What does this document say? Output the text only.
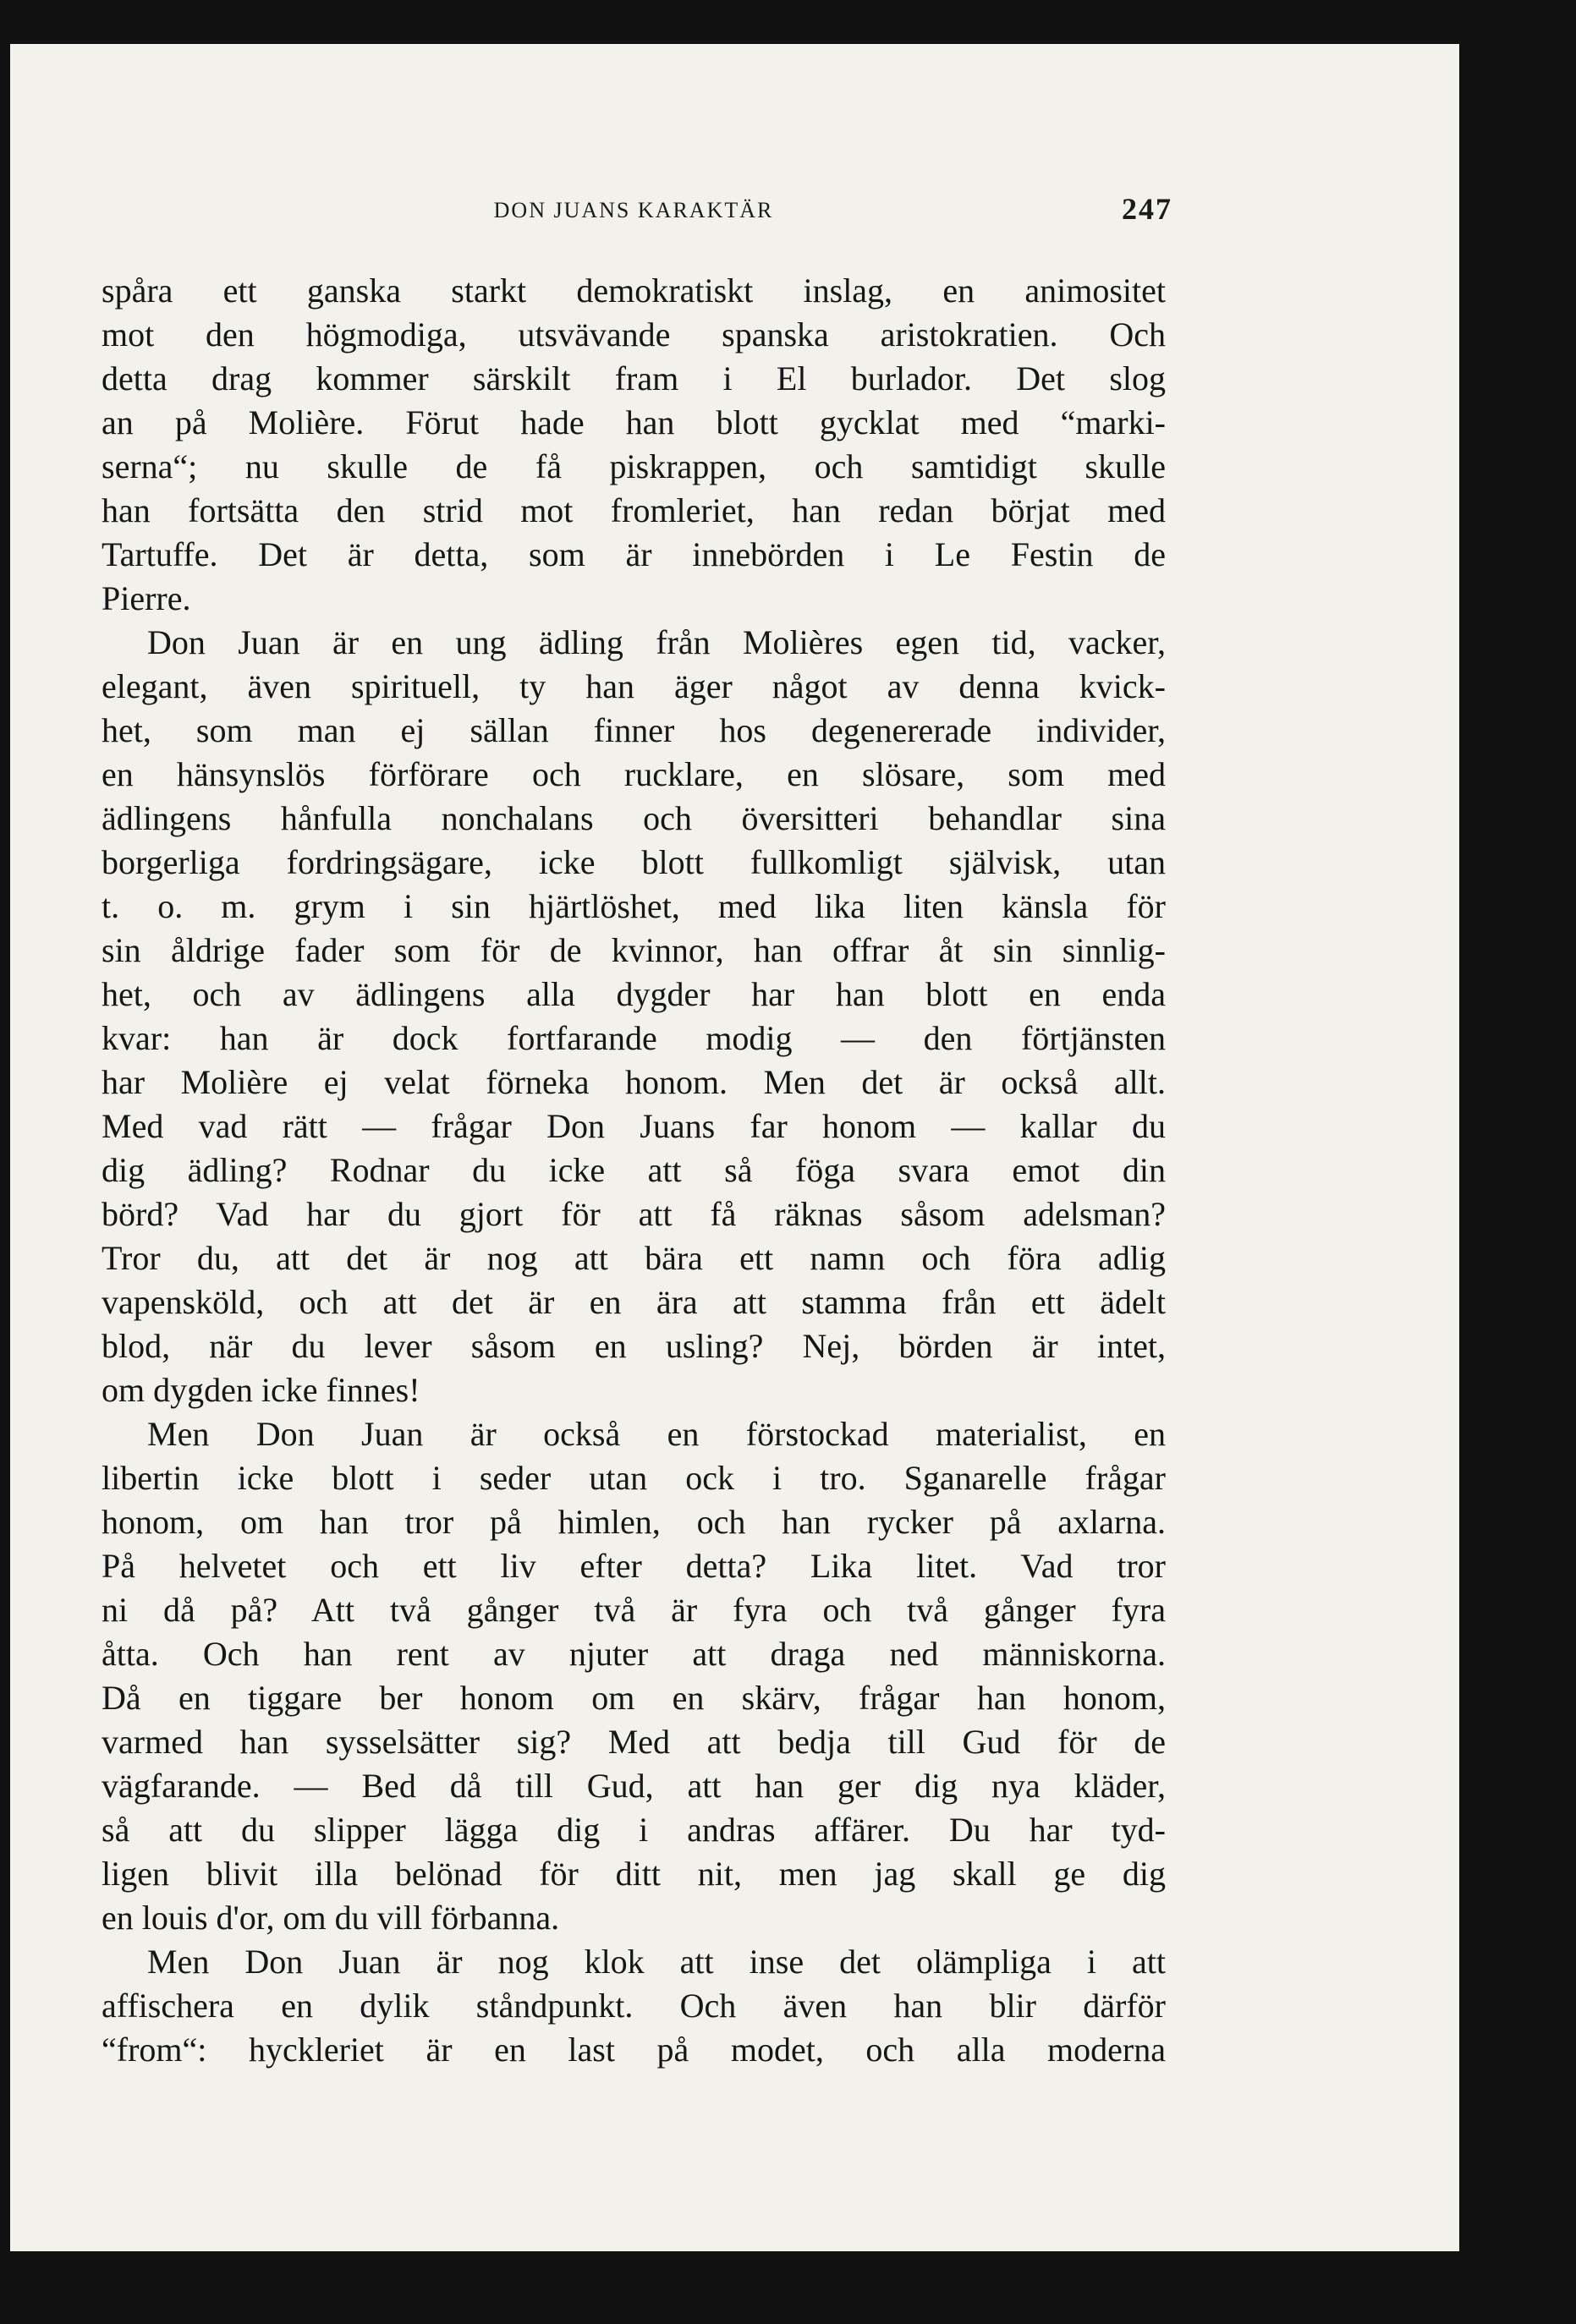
DON JUANS KARAKTÄR	247

spåra ett ganska starkt demokratiskt inslag, en animositet
mot den högmodiga, utsvävande spanska aristokratien. Och
detta drag kommer särskilt fram i El burlador. Det slog
an på Molière. Förut hade han blott gycklat med “marki-
serna“; nu skulle de få piskrappen, och samtidigt skulle
han fortsätta den strid mot fromleriet, han redan börjat med
Tartuffe. Det är detta, som är innebörden i Le Festin de
Pierre.

Don Juan är en ung ädling från Molières egen tid, vacker,
elegant, även spirituell, ty han äger något av denna kvick-
het, som man ej sällan finner hos degenererade individer,
en hänsynslös förförare och rucklare, en slösare, som med
ädlingens hånfulla nonchalans och översitteri behandlar sina
borgerliga fordringsägare, icke blott fullkomligt självisk, utan
t. o. m. grym i sin hjärtlöshet, med lika liten känsla för
sin åldrige fader som för de kvinnor, han offrar åt sin sinnlig-
het, och av ädlingens alla dygder har han blott en enda
kvar: han är dock fortfarande modig — den förtjänsten
har Molière ej velat förneka honom. Men det är också allt.
Med vad rätt — frågar Don Juans far honom — kallar du
dig ädling? Rodnar du icke att så föga svara emot din
börd? Vad har du gjort för att få räknas såsom adelsman?
Tror du, att det är nog att bära ett namn och föra adlig
vapensköld, och att det är en ära att stamma från ett ädelt
blod, när du lever såsom en usling? Nej, börden är intet,
om dygden icke finnes!

Men Don Juan är också en förstockad materialist, en
libertin icke blott i seder utan ock i tro. Sganarelle frågar
honom, om han tror på himlen, och han rycker på axlarna.
På helvetet och ett liv efter detta? Lika litet. Vad tror
ni då på? Att två gånger två är fyra och två gånger fyra
åtta. Och han rent av njuter att draga ned människorna.
Då en tiggare ber honom om en skärv, frågar han honom,
varmed han sysselsätter sig? Med att bedja till Gud för de
vägfarande. — Bed då till Gud, att han ger dig nya kläder,
så att du slipper lägga dig i andras affärer. Du har tyd-
ligen blivit illa belönad för ditt nit, men jag skall ge dig
en louis d'or, om du vill förbanna.

Men Don Juan är nog klok att inse det olämpliga i att
affischera en dylik ståndpunkt. Och även han blir därför
“from“: hyckleriet är en last på modet, och alla moderna
